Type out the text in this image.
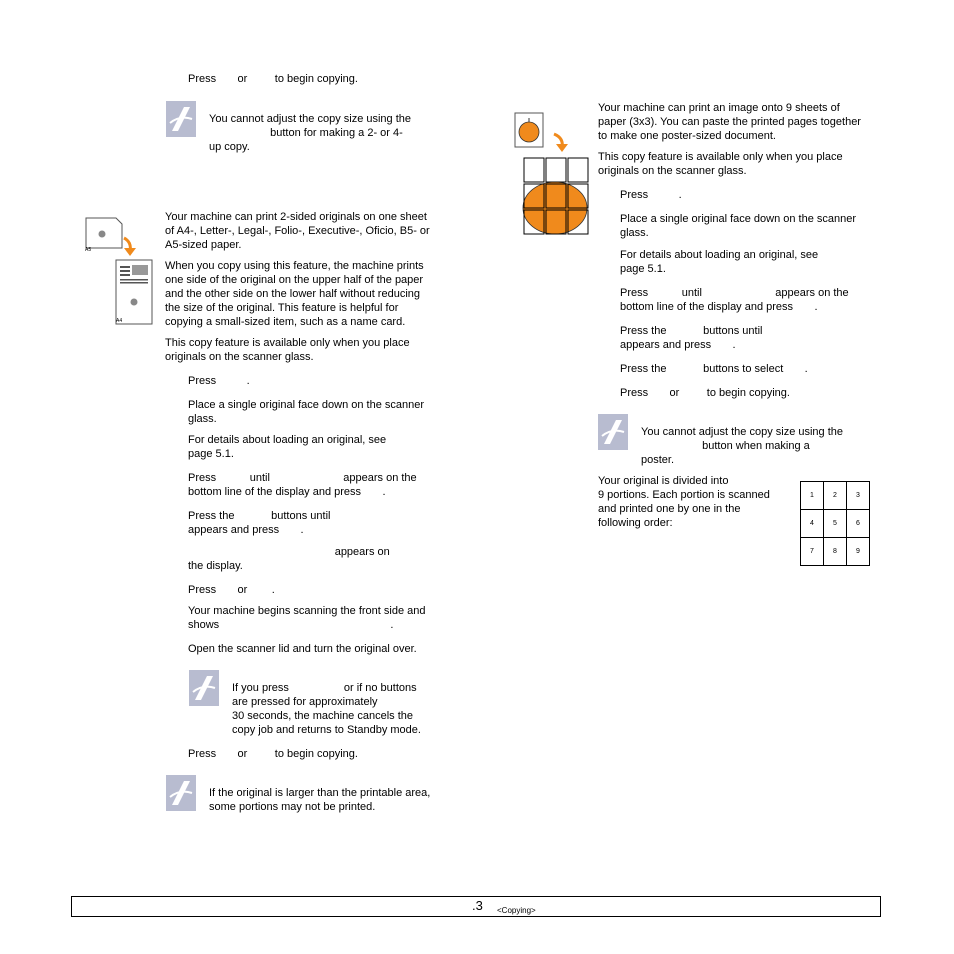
Press       or         to begin copying.

You cannot adjust the copy size using the
button for making a 2- or 4-
up copy.
A5
A4
Your machine can print 2-sided originals on one sheet
of A4-, Letter-, Legal-, Folio-, Executive-, Oficio, B5- or
A5-sized paper.
When you copy using this feature, the machine prints
one side of the original on the upper half of the paper
and the other side on the lower half without reducing
the size of the original. This feature is helpful for
copying a small-sized item, such as a name card.
This copy feature is available only when you place
originals on the scanner glass.

Press          .

Place a single original face down on the scanner
glass.
For details about loading an original, see
page 5.1.
Press           until                        appears on the
bottom line of the display and press       .
Press the            buttons until
appears and press       .
appears on
the display.

Press       or        .

Your machine begins scanning the front side and
shows                                                        .

Open the scanner lid and turn the original over.

If you press                  or if no buttons
are pressed for approximately
30 seconds, the machine cancels the
copy job and returns to Standby mode.

Press       or         to begin copying.

If the original is larger than the printable area,
some portions may not be printed.
Your machine can print an image onto 9 sheets of
paper (3x3). You can paste the printed pages together
to make one poster-sized document.
This copy feature is available only when you place
originals on the scanner glass.

Press          .

Place a single original face down on the scanner
glass.
For details about loading an original, see
page 5.1.
Press           until                        appears on the
bottom line of the display and press       .
Press the            buttons until
appears and press       .

Press the            buttons to select       .

Press       or         to begin copying.

You cannot adjust the copy size using the
button when making a
poster.
Your original is divided into
9 portions. Each portion is scanned
and printed one by one in the
following order:
1	2	3
4	5	6
7	8	9
.3 <Copying>
